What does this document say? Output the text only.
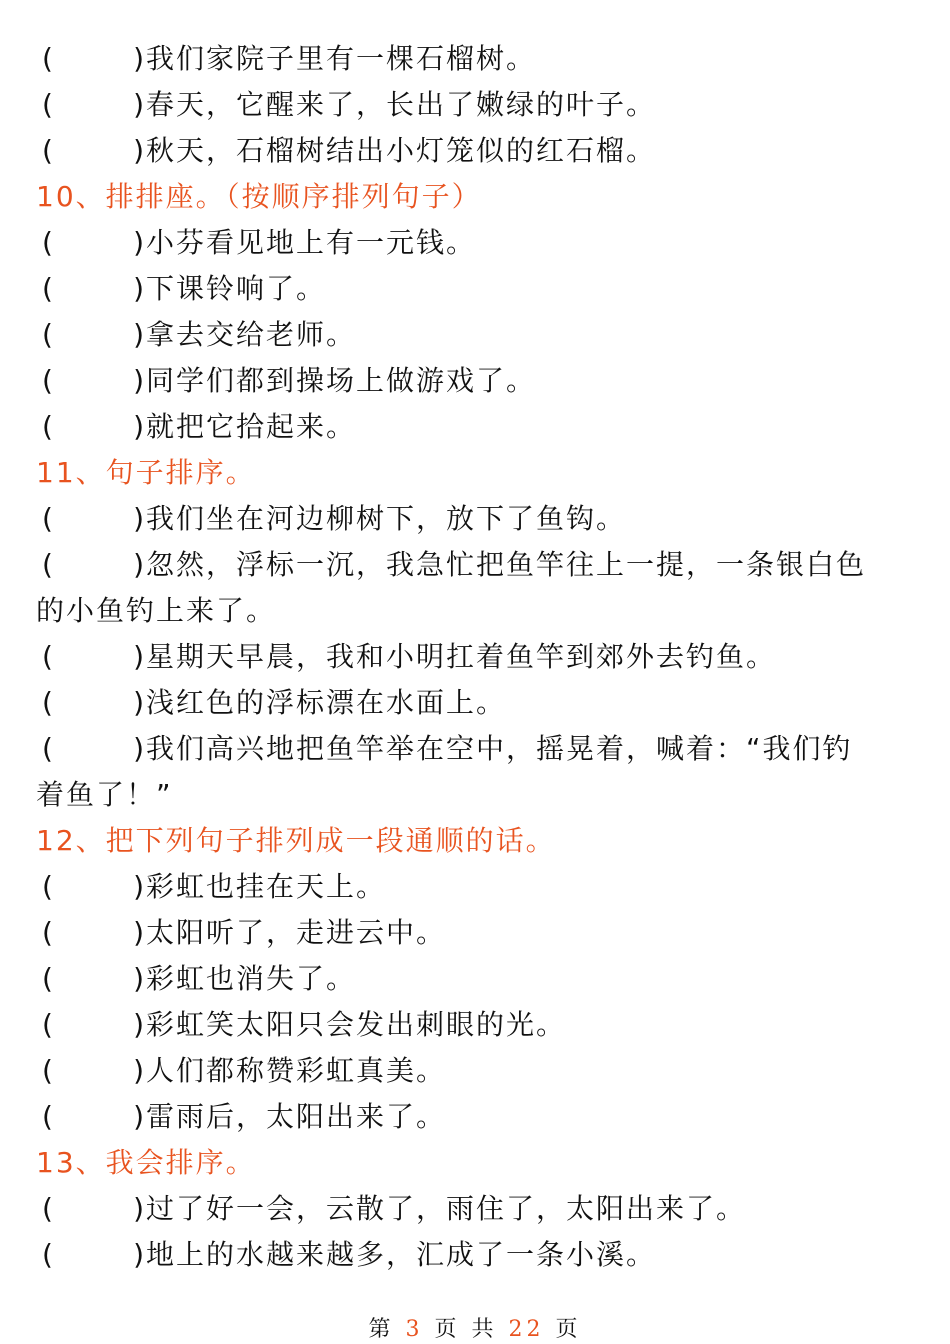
(	) 我们家院子里有一棵石榴树。
(	) 春天，它醒来了，长出了嫩绿的叶子。
(	) 秋天，石榴树结出小灯笼似的红石榴。
10、排排座。（按顺序排列句子）
(	) 小芬看见地上有一元钱。
(	) 下课铃响了。
(	) 拿去交给老师。
(	) 同学们都到操场上做游戏了。
(	) 就把它拾起来。
11、句子排序。
(	) 我们坐在河边柳树下，放下了鱼钩。
(	) 忽然，浮标一沉，我急忙把鱼竿往上一提，一条银白色
的小鱼钓上来了。
(	) 星期天早晨，我和小明扛着鱼竿到郊外去钓鱼。
(	) 浅红色的浮标漂在水面上。
(	) 我们高兴地把鱼竿举在空中，摇晃着，喊着：“我们钓
着鱼了！”
12、把下列句子排列成一段通顺的话。
(	) 彩虹也挂在天上。
(	) 太阳听了，走进云中。
(	) 彩虹也消失了。
(	) 彩虹笑太阳只会发出刺眼的光。
(	) 人们都称赞彩虹真美。
(	) 雷雨后，太阳出来了。
13、我会排序。
(	) 过了好一会，云散了，雨住了，太阳出来了。
(	) 地上的水越来越多，汇成了一条小溪。
第 3 页 共 22 页
